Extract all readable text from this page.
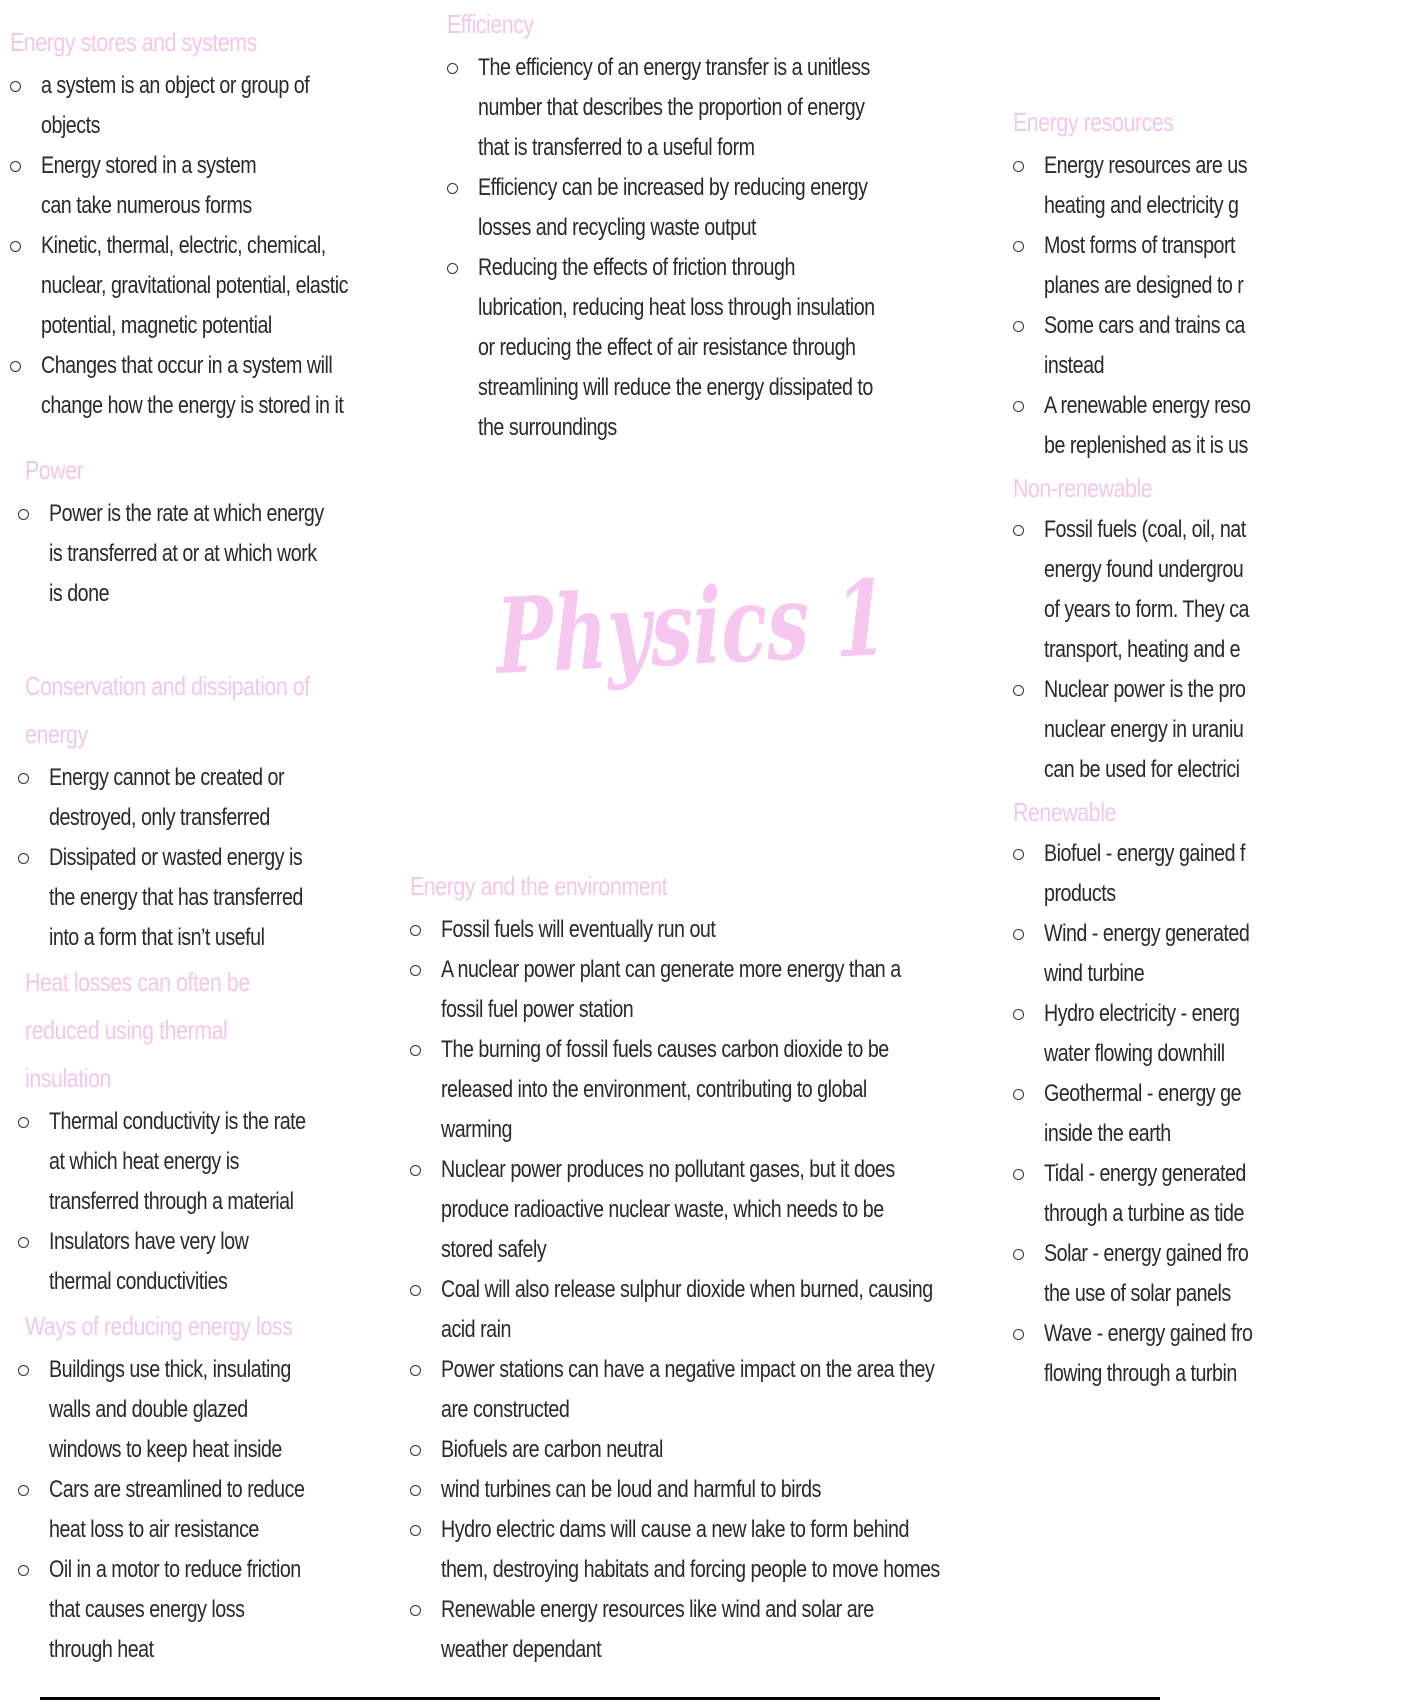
Energy stores and systems
a system is an object or group of objects
Energy stored in a system can take numerous forms
Kinetic, thermal, electric, chemical, nuclear, gravitational potential, elastic potential, magnetic potential
Changes that occur in a system will change how the energy is stored in it
Power
Power is the rate at which energy is transferred at or at which work is done
Conservation and dissipation of energy
Energy cannot be created or destroyed, only transferred
Dissipated or wasted energy is the energy that has transferred into a form that isn’t useful
Heat losses can often be reduced using thermal insulation
Thermal conductivity is the rate at which heat energy is transferred through a material
Insulators have very low thermal conductivities
Ways of reducing energy loss
Buildings use thick, insulating walls and double glazed windows to keep heat inside
Cars are streamlined to reduce heat loss to air resistance
Oil in a motor to reduce friction that causes energy loss through heat
Efficiency
The efficiency of an energy transfer is a unitless number that describes the proportion of energy that is transferred to a useful form
Efficiency can be increased by reducing energy losses and recycling waste output
Reducing the effects of friction through lubrication, reducing heat loss through insulation or reducing the effect of air resistance through streamlining will reduce the energy dissipated to the surroundings
Physics 1
Energy and the environment
Fossil fuels will eventually run out
A nuclear power plant can generate more energy than a fossil fuel power station
The burning of fossil fuels causes carbon dioxide to be released into the environment, contributing to global warming
Nuclear power produces no pollutant gases, but it does produce radioactive nuclear waste, which needs to be stored safely
Coal will also release sulphur dioxide when burned, causing acid rain
Power stations can have a negative impact on the area they are constructed
Biofuels are carbon neutral
wind turbines can be loud and harmful to birds
Hydro electric dams will cause a new lake to form behind them, destroying habitats and forcing people to move homes
Renewable energy resources like wind and solar are weather dependant
Energy resources
Energy resources are us
heating and electricity g
Most forms of transport
planes are designed to r
Some cars and trains ca
instead
A renewable energy reso
be replenished as it is us
Non-renewable
Fossil fuels (coal, oil, nat
energy found undergrou
of years to form. They ca
transport, heating and e
Nuclear power is the pro
nuclear energy in uraniu
can be used for electrici
Renewable
Biofuel - energy gained f
products
Wind - energy generated
wind turbine
Hydro electricity - energ
water flowing downhill
Geothermal - energy ge
inside the earth
Tidal - energy generated
through a turbine as tide
Solar - energy gained fro
the use of solar panels
Wave - energy gained fro
flowing through a turbin
